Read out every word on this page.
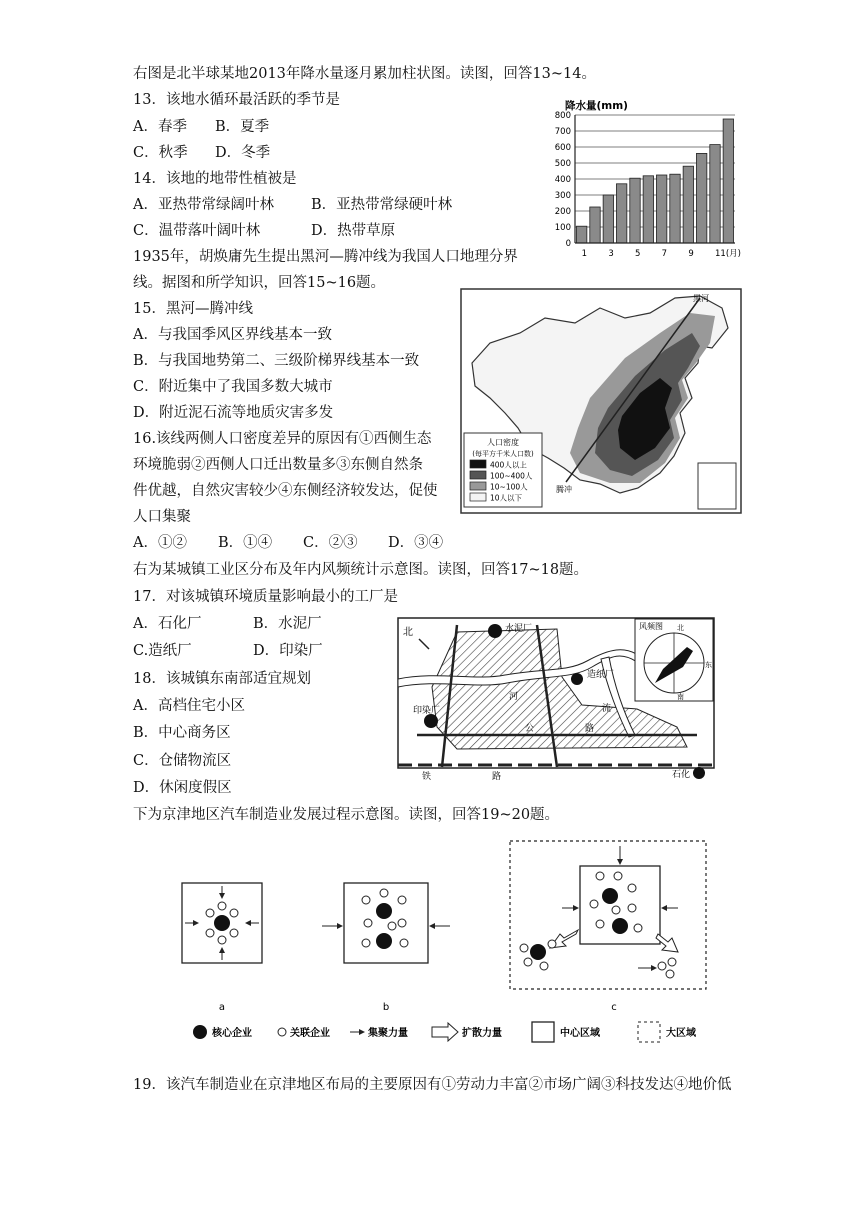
右图是北半球某地2013年降水量逐月累加柱状图。读图，回答13~14。
13．该地水循环最活跃的季节是
A．春季 B．夏季
C．秋季 D．冬季
14．该地的地带性植被是
A．亚热带常绿阔叶林	B．亚热带常绿硬叶林
C．温带落叶阔叶林	D．热带草原
1935年，胡焕庸先生提出黑河—腾冲线为我国人口地理分界
线。据图和所学知识，回答15~16题。
15．黑河—腾冲线
A．与我国季风区界线基本一致
B．与我国地势第二、三级阶梯界线基本一致
C．附近集中了我国多数大城市
D．附近泥石流等地质灾害多发
16.该线两侧人口密度差异的原因有①西侧生态
环境脆弱②西侧人口迁出数量多③东侧自然条
件优越，自然灾害较少④东侧经济较发达，促使
人口集聚
A．①② B．①④ C．②③ D．③④
右为某城镇工业区分布及年内风频统计示意图。读图，回答17~18题。
17．对该城镇环境质量影响最小的工厂是
A．石化厂	B．水泥厂
C.造纸厂	D．印染厂
18．该城镇东南部适宜规划
A．高档住宅小区
B．中心商务区
C．仓储物流区
D．休闲度假区
下为京津地区汽车制造业发展过程示意图。读图，回答19~20题。
19．该汽车制造业在京津地区布局的主要原因有①劳动力丰富②市场广阔③科技发达④地价低
0
100
200
300
400
500
600
700
800
1 3 5 7 9 11(月)
降水量(mm)
黑河
腾冲
人口密度
(每平方千米人口数)
400人以上
100~400人
10~100人
10人以下
北	水泥厂
造纸厂
印染厂
石化
河
流
公	路
铁	路
风频图 北
东
南
a	b	c
核心企业	关联企业	集聚力量	扩散力量	中心区域	大区域
